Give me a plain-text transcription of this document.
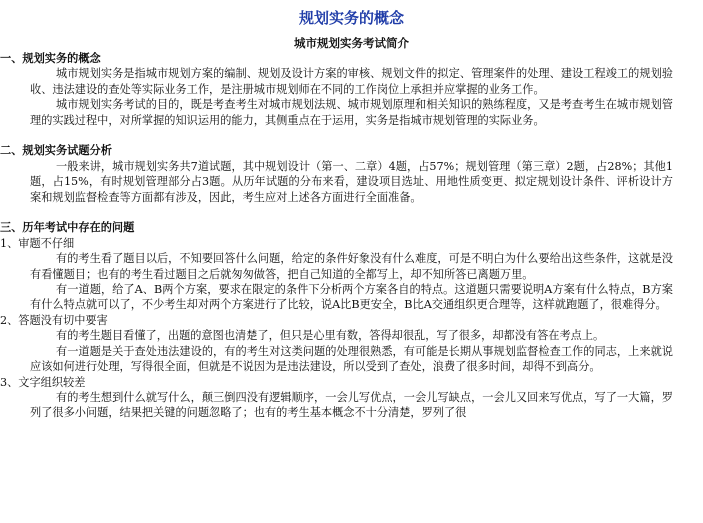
规划实务的概念
城市规划实务考试简介
一、规划实务的概念

城市规划实务是指城市规划方案的编制、规划及设计方案的审核、规划文件的拟定、管理案件的处理、建设工程竣工的规划验收、违法建设的查处等实际业务工作，是注册城市规划师在不同的工作岗位上承担并应掌握的业务工作。

城市规划实务考试的目的，既是考查考生对城市规划法规、城市规划原理和相关知识的熟练程度，又是考查考生在城市规划管理的实践过程中，对所掌握的知识运用的能力，其侧重点在于运用，实务是指城市规划管理的实际业务。

二、规划实务试题分析

一般来讲，城市规划实务共7道试题，其中规划设计（第一、二章）4题，占57%；规划管理（第三章）2题，占28%；其他1题，占15%，有时规划管理部分占3题。从历年试题的分布来看，建设项目选址、用地性质变更、拟定规划设计条件、评析设计方案和规划监督检查等方面都有涉及，因此，考生应对上述各方面进行全面准备。

三、历年考试中存在的问题
1、审题不仔细

有的考生看了题目以后，不知要回答什么问题，给定的条件好象没有什么难度，可是不明白为什么要给出这些条件，这就是没有看懂题目；也有的考生看过题目之后就匆匆做答，把自己知道的全都写上，却不知所答已离题万里。

有一道题，给了A、B两个方案，要求在限定的条件下分析两个方案各自的特点。这道题只需要说明A方案有什么特点，B方案有什么特点就可以了，不少考生却对两个方案进行了比较，说A比B更安全，B比A交通组织更合理等，这样就跑题了，很难得分。

2、答题没有切中要害

有的考生题目看懂了，出题的意图也清楚了，但只是心里有数，答得却很乱，写了很多，却都没有答在考点上。

有一道题是关于查处违法建设的，有的考生对这类问题的处理很熟悉，有可能是长期从事规划监督检查工作的同志，上来就说应该如何进行处理，写得很全面，但就是不说因为是违法建设，所以受到了查处，浪费了很多时间，却得不到高分。

3、文字组织较差

有的考生想到什么就写什么，颠三倒四没有逻辑顺序，一会儿写优点，一会儿写缺点，一会儿又回来写优点，写了一大篇，罗列了很多小问题，结果把关键的问题忽略了；也有的考生基本概念不十分清楚，罗列了很
